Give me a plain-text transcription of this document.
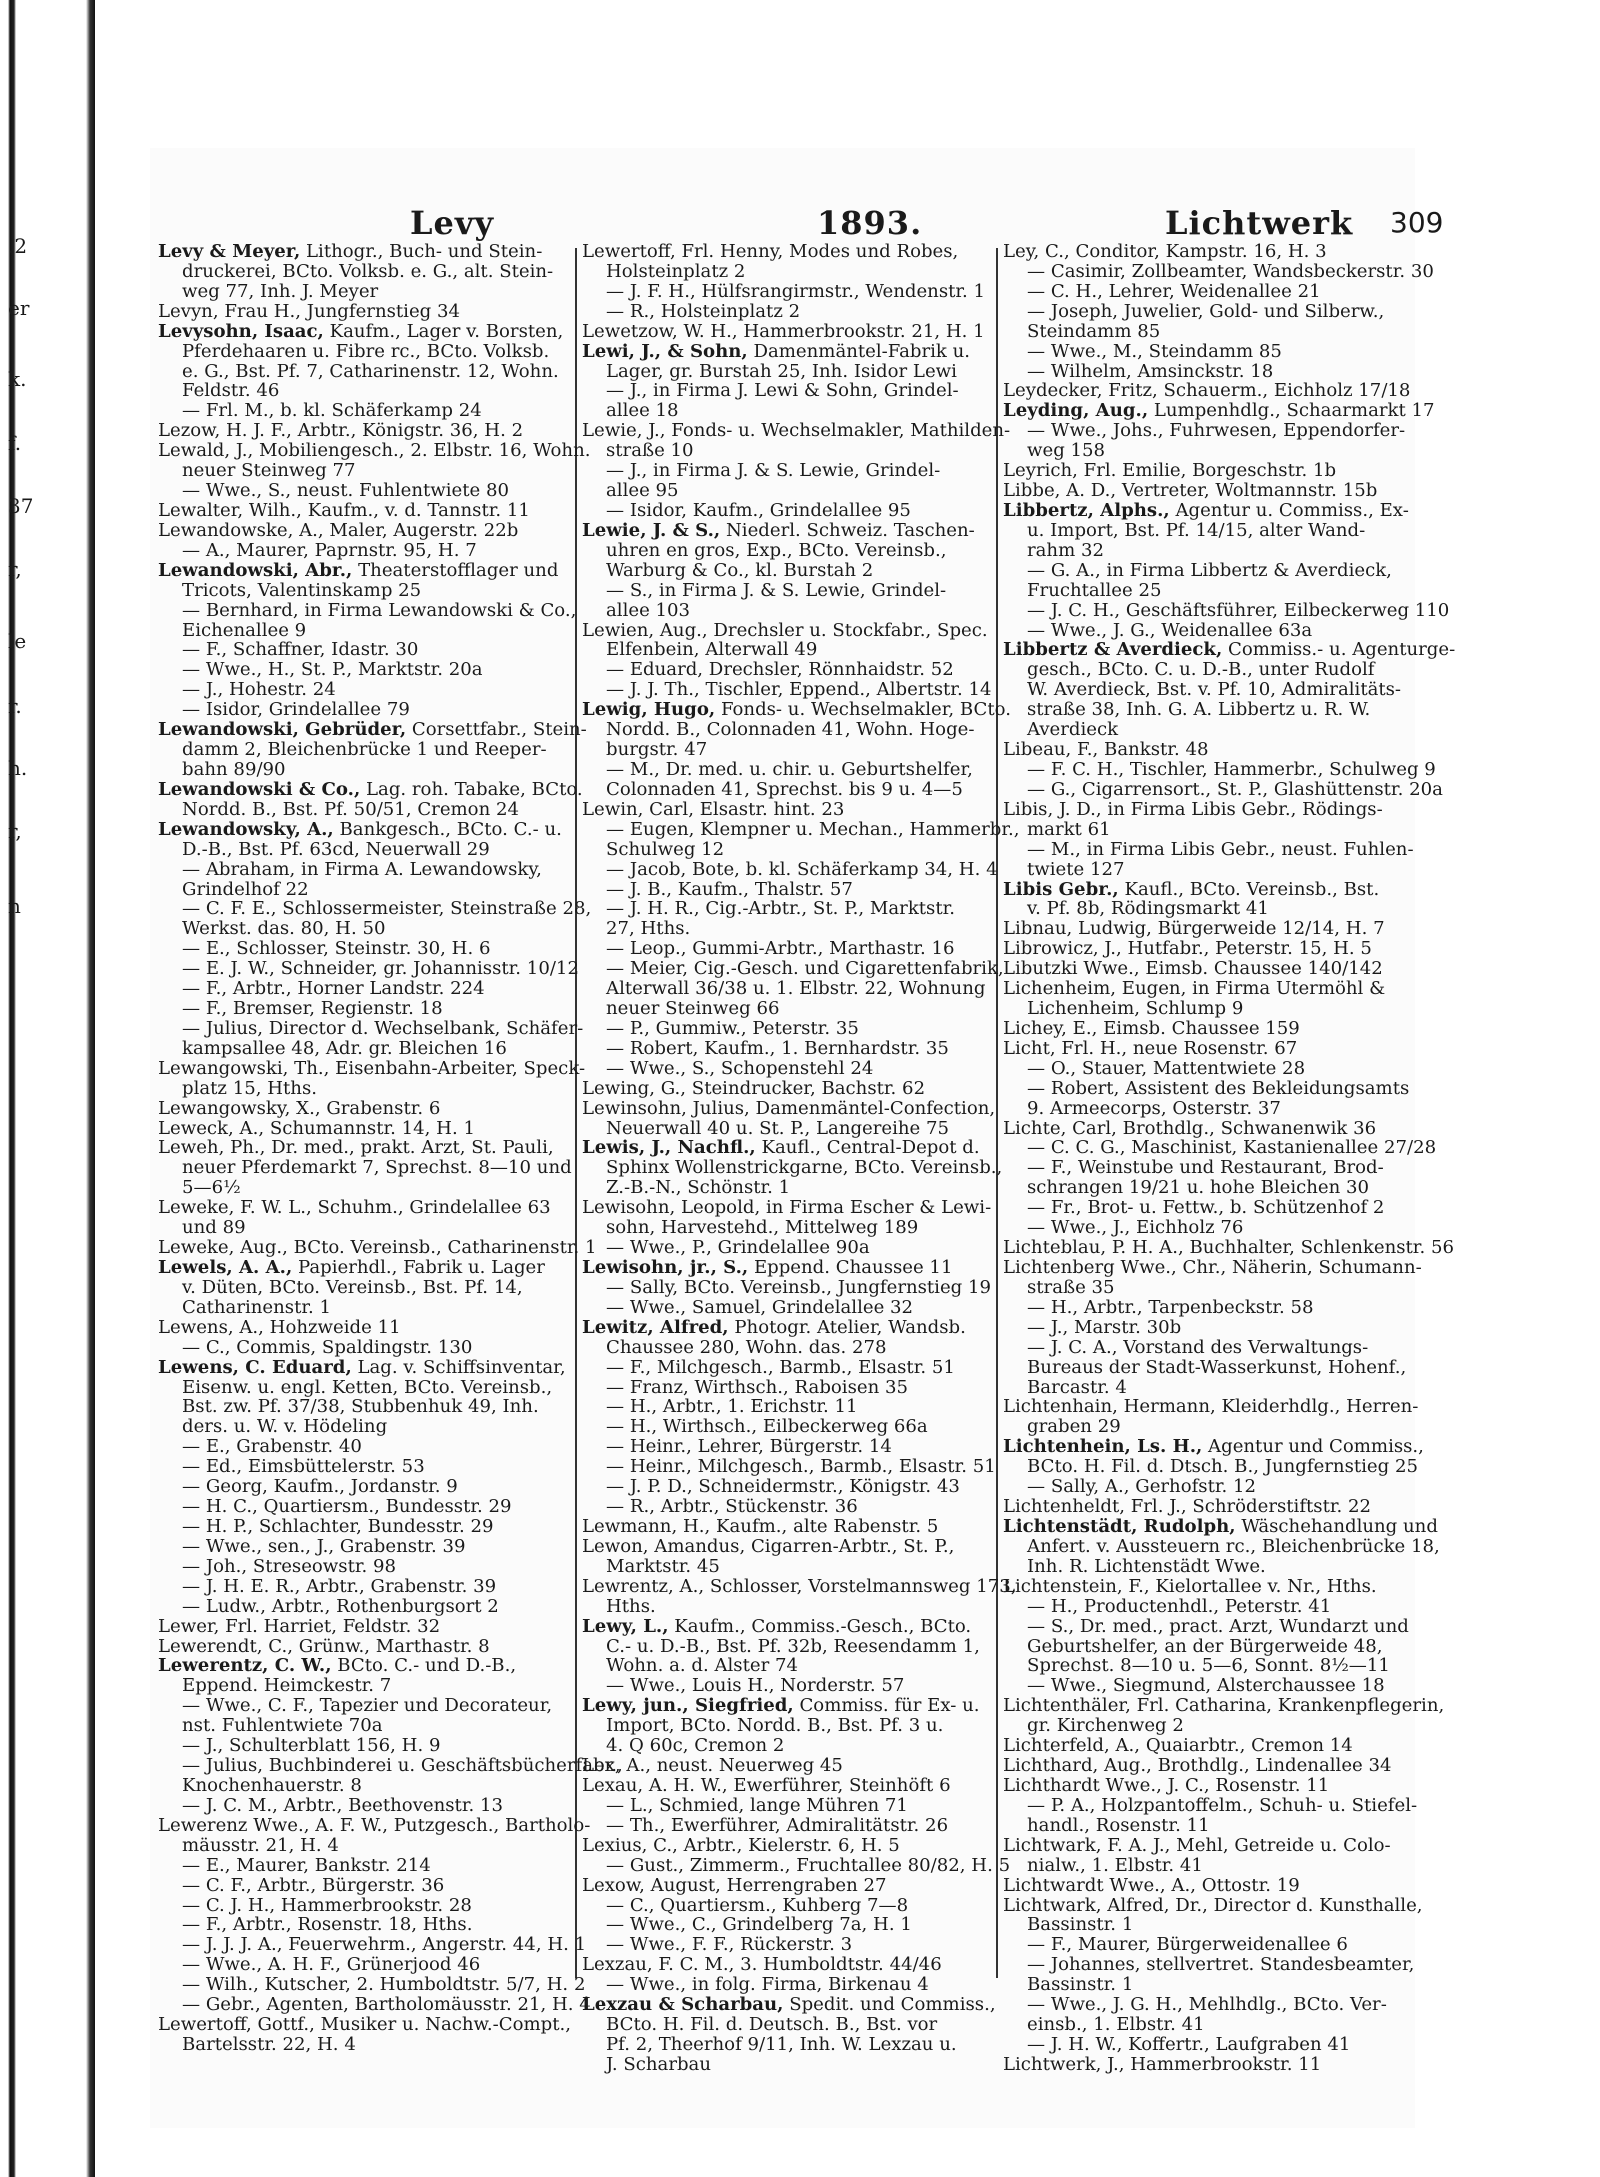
.2
er
k.
f.
37
r,
le
r.
h.
r,
n
Levy	1893.	Lichtwerk 309
Levy & Meyer, Lithogr., Buch- und Stein-
druckerei, BCto. Volksb. e. G., alt. Stein-
weg 77, Inh. J. Meyer
Levyn, Frau H., Jungfernstieg 34
Levysohn, Isaac, Kaufm., Lager v. Borsten,
Pferdehaaren u. Fibre rc., BCto. Volksb.
e. G., Bst. Pf. 7, Catharinenstr. 12, Wohn.
Feldstr. 46
— Frl. M., b. kl. Schäferkamp 24
Lezow, H. J. F., Arbtr., Königstr. 36, H. 2
Lewald, J., Mobiliengesch., 2. Elbstr. 16, Wohn.
neuer Steinweg 77
— Wwe., S., neust. Fuhlentwiete 80
Lewalter, Wilh., Kaufm., v. d. Tannstr. 11
Lewandowske, A., Maler, Augerstr. 22b
— A., Maurer, Paprnstr. 95, H. 7
Lewandowski, Abr., Theaterstofflager und
Tricots, Valentinskamp 25
— Bernhard, in Firma Lewandowski & Co.,
Eichenallee 9
— F., Schaffner, Idastr. 30
— Wwe., H., St. P., Marktstr. 20a
— J., Hohestr. 24
— Isidor, Grindelallee 79
Lewandowski, Gebrüder, Corsettfabr., Stein-
damm 2, Bleichenbrücke 1 und Reeper-
bahn 89/90
Lewandowski & Co., Lag. roh. Tabake, BCto.
Nordd. B., Bst. Pf. 50/51, Cremon 24
Lewandowsky, A., Bankgesch., BCto. C.- u.
D.-B., Bst. Pf. 63cd, Neuerwall 29
— Abraham, in Firma A. Lewandowsky,
Grindelhof 22
— C. F. E., Schlossermeister, Steinstraße 28,
Werkst. das. 80, H. 50
— E., Schlosser, Steinstr. 30, H. 6
— E. J. W., Schneider, gr. Johannisstr. 10/12
— F., Arbtr., Horner Landstr. 224
— F., Bremser, Regienstr. 18
— Julius, Director d. Wechselbank, Schäfer-
kampsallee 48, Adr. gr. Bleichen 16
Lewangowski, Th., Eisenbahn-Arbeiter, Speck-
platz 15, Hths.
Lewangowsky, X., Grabenstr. 6
Leweck, A., Schumannstr. 14, H. 1
Leweh, Ph., Dr. med., prakt. Arzt, St. Pauli,
neuer Pferdemarkt 7, Sprechst. 8—10 und
5—6½
Leweke, F. W. L., Schuhm., Grindelallee 63
und 89
Leweke, Aug., BCto. Vereinsb., Catharinenstr. 1
Lewels, A. A., Papierhdl., Fabrik u. Lager
v. Düten, BCto. Vereinsb., Bst. Pf. 14,
Catharinenstr. 1
Lewens, A., Hohzweide 11
— C., Commis, Spaldingstr. 130
Lewens, C. Eduard, Lag. v. Schiffsinventar,
Eisenw. u. engl. Ketten, BCto. Vereinsb.,
Bst. zw. Pf. 37/38, Stubbenhuk 49, Inh.
ders. u. W. v. Hödeling
— E., Grabenstr. 40
— Ed., Eimsbüttelerstr. 53
— Georg, Kaufm., Jordanstr. 9
— H. C., Quartiersm., Bundesstr. 29
— H. P., Schlachter, Bundesstr. 29
— Wwe., sen., J., Grabenstr. 39
— Joh., Streseowstr. 98
— J. H. E. R., Arbtr., Grabenstr. 39
— Ludw., Arbtr., Rothenburgsort 2
Lewer, Frl. Harriet, Feldstr. 32
Lewerendt, C., Grünw., Marthastr. 8
Lewerentz, C. W., BCto. C.- und D.-B.,
Eppend. Heimckestr. 7
— Wwe., C. F., Tapezier und Decorateur,
nst. Fuhlentwiete 70a
— J., Schulterblatt 156, H. 9
— Julius, Buchbinderei u. Geschäftsbücherfabr.,
Knochenhauerstr. 8
— J. C. M., Arbtr., Beethovenstr. 13
Lewerenz Wwe., A. F. W., Putzgesch., Bartholo-
mäusstr. 21, H. 4
— E., Maurer, Bankstr. 214
— C. F., Arbtr., Bürgerstr. 36
— C. J. H., Hammerbrookstr. 28
— F., Arbtr., Rosenstr. 18, Hths.
— J. J. J. A., Feuerwehrm., Angerstr. 44, H. 1
— Wwe., A. H. F., Grünerjood 46
— Wilh., Kutscher, 2. Humboldtstr. 5/7, H. 2
— Gebr., Agenten, Bartholomäusstr. 21, H. 4
Lewertoff, Gottf., Musiker u. Nachw.-Compt.,
Bartelsstr. 22, H. 4
Lewertoff, Frl. Henny, Modes und Robes,
Holsteinplatz 2
— J. F. H., Hülfsrangirmstr., Wendenstr. 1
— R., Holsteinplatz 2
Lewetzow, W. H., Hammerbrookstr. 21, H. 1
Lewi, J., & Sohn, Damenmäntel-Fabrik u.
Lager, gr. Burstah 25, Inh. Isidor Lewi
— J., in Firma J. Lewi & Sohn, Grindel-
allee 18
Lewie, J., Fonds- u. Wechselmakler, Mathilden-
straße 10
— J., in Firma J. & S. Lewie, Grindel-
allee 95
— Isidor, Kaufm., Grindelallee 95
Lewie, J. & S., Niederl. Schweiz. Taschen-
uhren en gros, Exp., BCto. Vereinsb.,
Warburg & Co., kl. Burstah 2
— S., in Firma J. & S. Lewie, Grindel-
allee 103
Lewien, Aug., Drechsler u. Stockfabr., Spec.
Elfenbein, Alterwall 49
— Eduard, Drechsler, Rönnhaidstr. 52
— J. J. Th., Tischler, Eppend., Albertstr. 14
Lewig, Hugo, Fonds- u. Wechselmakler, BCto.
Nordd. B., Colonnaden 41, Wohn. Hoge-
burgstr. 47
— M., Dr. med. u. chir. u. Geburtshelfer,
Colonnaden 41, Sprechst. bis 9 u. 4—5
Lewin, Carl, Elsastr. hint. 23
— Eugen, Klempner u. Mechan., Hammerbr.,
Schulweg 12
— Jacob, Bote, b. kl. Schäferkamp 34, H. 4
— J. B., Kaufm., Thalstr. 57
— J. H. R., Cig.-Arbtr., St. P., Marktstr.
27, Hths.
— Leop., Gummi-Arbtr., Marthastr. 16
— Meier, Cig.-Gesch. und Cigarettenfabrik,
Alterwall 36/38 u. 1. Elbstr. 22, Wohnung
neuer Steinweg 66
— P., Gummiw., Peterstr. 35
— Robert, Kaufm., 1. Bernhardstr. 35
— Wwe., S., Schopenstehl 24
Lewing, G., Steindrucker, Bachstr. 62
Lewinsohn, Julius, Damenmäntel-Confection,
Neuerwall 40 u. St. P., Langereihe 75
Lewis, J., Nachfl., Kaufl., Central-Depot d.
Sphinx Wollenstrickgarne, BCto. Vereinsb.,
Z.-B.-N., Schönstr. 1
Lewisohn, Leopold, in Firma Escher & Lewi-
sohn, Harvestehd., Mittelweg 189
— Wwe., P., Grindelallee 90a
Lewisohn, jr., S., Eppend. Chaussee 11
— Sally, BCto. Vereinsb., Jungfernstieg 19
— Wwe., Samuel, Grindelallee 32
Lewitz, Alfred, Photogr. Atelier, Wandsb.
Chaussee 280, Wohn. das. 278
— F., Milchgesch., Barmb., Elsastr. 51
— Franz, Wirthsch., Raboisen 35
— H., Arbtr., 1. Erichstr. 11
— H., Wirthsch., Eilbeckerweg 66a
— Heinr., Lehrer, Bürgerstr. 14
— Heinr., Milchgesch., Barmb., Elsastr. 51
— J. P. D., Schneidermstr., Königstr. 43
— R., Arbtr., Stückenstr. 36
Lewmann, H., Kaufm., alte Rabenstr. 5
Lewon, Amandus, Cigarren-Arbtr., St. P.,
Marktstr. 45
Lewrentz, A., Schlosser, Vorstelmannsweg 173,
Hths.
Lewy, L., Kaufm., Commiss.-Gesch., BCto.
C.- u. D.-B., Bst. Pf. 32b, Reesendamm 1,
Wohn. a. d. Alster 74
— Wwe., Louis H., Norderstr. 57
Lewy, jun., Siegfried, Commiss. für Ex- u.
Import, BCto. Nordd. B., Bst. Pf. 3 u.
4. Q 60c, Cremon 2
Lex, A., neust. Neuerweg 45
Lexau, A. H. W., Ewerführer, Steinhöft 6
— L., Schmied, lange Mühren 71
— Th., Ewerführer, Admiralitätstr. 26
Lexius, C., Arbtr., Kielerstr. 6, H. 5
— Gust., Zimmerm., Fruchtallee 80/82, H. 5
Lexow, August, Herrengraben 27
— C., Quartiersm., Kuhberg 7—8
— Wwe., C., Grindelberg 7a, H. 1
— Wwe., F. F., Rückerstr. 3
Lexzau, F. C. M., 3. Humboldtstr. 44/46
— Wwe., in folg. Firma, Birkenau 4
Lexzau & Scharbau, Spedit. und Commiss.,
BCto. H. Fil. d. Deutsch. B., Bst. vor
Pf. 2, Theerhof 9/11, Inh. W. Lexzau u.
J. Scharbau
Ley, C., Conditor, Kampstr. 16, H. 3
— Casimir, Zollbeamter, Wandsbeckerstr. 30
— C. H., Lehrer, Weidenallee 21
— Joseph, Juwelier, Gold- und Silberw.,
Steindamm 85
— Wwe., M., Steindamm 85
— Wilhelm, Amsinckstr. 18
Leydecker, Fritz, Schauerm., Eichholz 17/18
Leyding, Aug., Lumpenhdlg., Schaarmarkt 17
— Wwe., Johs., Fuhrwesen, Eppendorfer-
weg 158
Leyrich, Frl. Emilie, Borgeschstr. 1b
Libbe, A. D., Vertreter, Woltmannstr. 15b
Libbertz, Alphs., Agentur u. Commiss., Ex-
u. Import, Bst. Pf. 14/15, alter Wand-
rahm 32
— G. A., in Firma Libbertz & Averdieck,
Fruchtallee 25
— J. C. H., Geschäftsführer, Eilbeckerweg 110
— Wwe., J. G., Weidenallee 63a
Libbertz & Averdieck, Commiss.- u. Agenturge-
gesch., BCto. C. u. D.-B., unter Rudolf
W. Averdieck, Bst. v. Pf. 10, Admiralitäts-
straße 38, Inh. G. A. Libbertz u. R. W.
Averdieck
Libeau, F., Bankstr. 48
— F. C. H., Tischler, Hammerbr., Schulweg 9
— G., Cigarrensort., St. P., Glashüttenstr. 20a
Libis, J. D., in Firma Libis Gebr., Rödings-
markt 61
— M., in Firma Libis Gebr., neust. Fuhlen-
twiete 127
Libis Gebr., Kaufl., BCto. Vereinsb., Bst.
v. Pf. 8b, Rödingsmarkt 41
Libnau, Ludwig, Bürgerweide 12/14, H. 7
Librowicz, J., Hutfabr., Peterstr. 15, H. 5
Libutzki Wwe., Eimsb. Chaussee 140/142
Lichenheim, Eugen, in Firma Utermöhl &
Lichenheim, Schlump 9
Lichey, E., Eimsb. Chaussee 159
Licht, Frl. H., neue Rosenstr. 67
— O., Stauer, Mattentwiete 28
— Robert, Assistent des Bekleidungsamts
9. Armeecorps, Osterstr. 37
Lichte, Carl, Brothdlg., Schwanenwik 36
— C. C. G., Maschinist, Kastanienallee 27/28
— F., Weinstube und Restaurant, Brod-
schrangen 19/21 u. hohe Bleichen 30
— Fr., Brot- u. Fettw., b. Schützenhof 2
— Wwe., J., Eichholz 76
Lichteblau, P. H. A., Buchhalter, Schlenkenstr. 56
Lichtenberg Wwe., Chr., Näherin, Schumann-
straße 35
— H., Arbtr., Tarpenbeckstr. 58
— J., Marstr. 30b
— J. C. A., Vorstand des Verwaltungs-
Bureaus der Stadt-Wasserkunst, Hohenf.,
Barcastr. 4
Lichtenhain, Hermann, Kleiderhdlg., Herren-
graben 29
Lichtenhein, Ls. H., Agentur und Commiss.,
BCto. H. Fil. d. Dtsch. B., Jungfernstieg 25
— Sally, A., Gerhofstr. 12
Lichtenheldt, Frl. J., Schröderstiftstr. 22
Lichtenstädt, Rudolph, Wäschehandlung und
Anfert. v. Aussteuern rc., Bleichenbrücke 18,
Inh. R. Lichtenstädt Wwe.
Lichtenstein, F., Kielortallee v. Nr., Hths.
— H., Productenhdl., Peterstr. 41
— S., Dr. med., pract. Arzt, Wundarzt und
Geburtshelfer, an der Bürgerweide 48,
Sprechst. 8—10 u. 5—6, Sonnt. 8½—11
— Wwe., Siegmund, Alsterchaussee 18
Lichtenthäler, Frl. Catharina, Krankenpflegerin,
gr. Kirchenweg 2
Lichterfeld, A., Quaiarbtr., Cremon 14
Lichthard, Aug., Brothdlg., Lindenallee 34
Lichthardt Wwe., J. C., Rosenstr. 11
— P. A., Holzpantoffelm., Schuh- u. Stiefel-
handl., Rosenstr. 11
Lichtwark, F. A. J., Mehl, Getreide u. Colo-
nialw., 1. Elbstr. 41
Lichtwardt Wwe., A., Ottostr. 19
Lichtwark, Alfred, Dr., Director d. Kunsthalle,
Bassinstr. 1
— F., Maurer, Bürgerweidenallee 6
— Johannes, stellvertret. Standesbeamter,
Bassinstr. 1
— Wwe., J. G. H., Mehlhdlg., BCto. Ver-
einsb., 1. Elbstr. 41
— J. H. W., Koffertr., Laufgraben 41
Lichtwerk, J., Hammerbrookstr. 11
